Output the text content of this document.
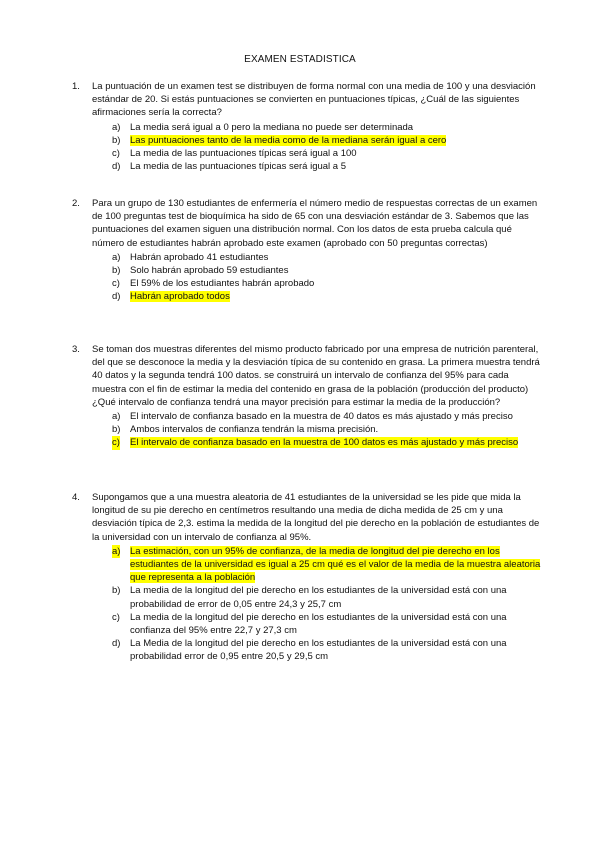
EXAMEN ESTADISTICA
1. La puntuación de un examen test se distribuyen de forma normal con una media de 100 y una desviación estándar de 20. Si estás puntuaciones se convierten en puntuaciones típicas, ¿Cuál de las siguientes afirmaciones sería la correcta?
a) La media será igual a 0 pero la mediana no puede ser determinada
b) Las puntuaciones tanto de la media como de la mediana serán igual a cero
c) La media de las puntuaciones típicas será igual a 100
d) La media de las puntuaciones típicas será igual a 5
2. Para un grupo de 130 estudiantes de enfermería el número medio de respuestas correctas de un examen de 100 preguntas test de bioquímica ha sido de 65 con una desviación estándar de 3. Sabemos que las puntuaciones del examen siguen una distribución normal. Con los datos de esta prueba calcula qué número de estudiantes habrán aprobado este examen (aprobado con 50 preguntas correctas)
a) Habrán aprobado 41 estudiantes
b) Solo habrán aprobado 59 estudiantes
c) El 59% de los estudiantes habrán aprobado
d) Habrán aprobado todos
3. Se toman dos muestras diferentes del mismo producto fabricado por una empresa de nutrición parenteral, del que se desconoce la media y la desviación típica de su contenido en grasa. La primera muestra tendrá 40 datos y la segunda tendrá 100 datos. se construirá un intervalo de confianza del 95% para cada muestra con el fin de estimar la media del contenido en grasa de la población (producción del producto) ¿Qué intervalo de confianza tendrá una mayor precisión para estimar la media de la producción?
a) El intervalo de confianza basado en la muestra de 40 datos es más ajustado y más preciso
b) Ambos intervalos de confianza tendrán la misma precisión.
c) El intervalo de confianza basado en la muestra de 100 datos es más ajustado y más preciso
4. Supongamos que a una muestra aleatoria de 41 estudiantes de la universidad se les pide que mida la longitud de su pie derecho en centímetros resultando una media de dicha medida de 25 cm y una desviación típica de 2,3. estima la medida de la longitud del pie derecho en la población de estudiantes de la universidad con un intervalo de confianza al 95%.
a) La estimación, con un 95% de confianza, de la media de longitud del pie derecho en los estudiantes de la universidad es igual a 25 cm qué es el valor de la media de la muestra aleatoria que representa a la población
b) La media de la longitud del pie derecho en los estudiantes de la universidad está con una probabilidad de error de 0,05 entre 24,3 y 25,7 cm
c) La media de la longitud del pie derecho en los estudiantes de la universidad está con una confianza del 95% entre 22,7 y 27,3 cm
d) La Media de la longitud del pie derecho en los estudiantes de la universidad está con una probabilidad error de 0,95 entre 20,5 y 29,5 cm
